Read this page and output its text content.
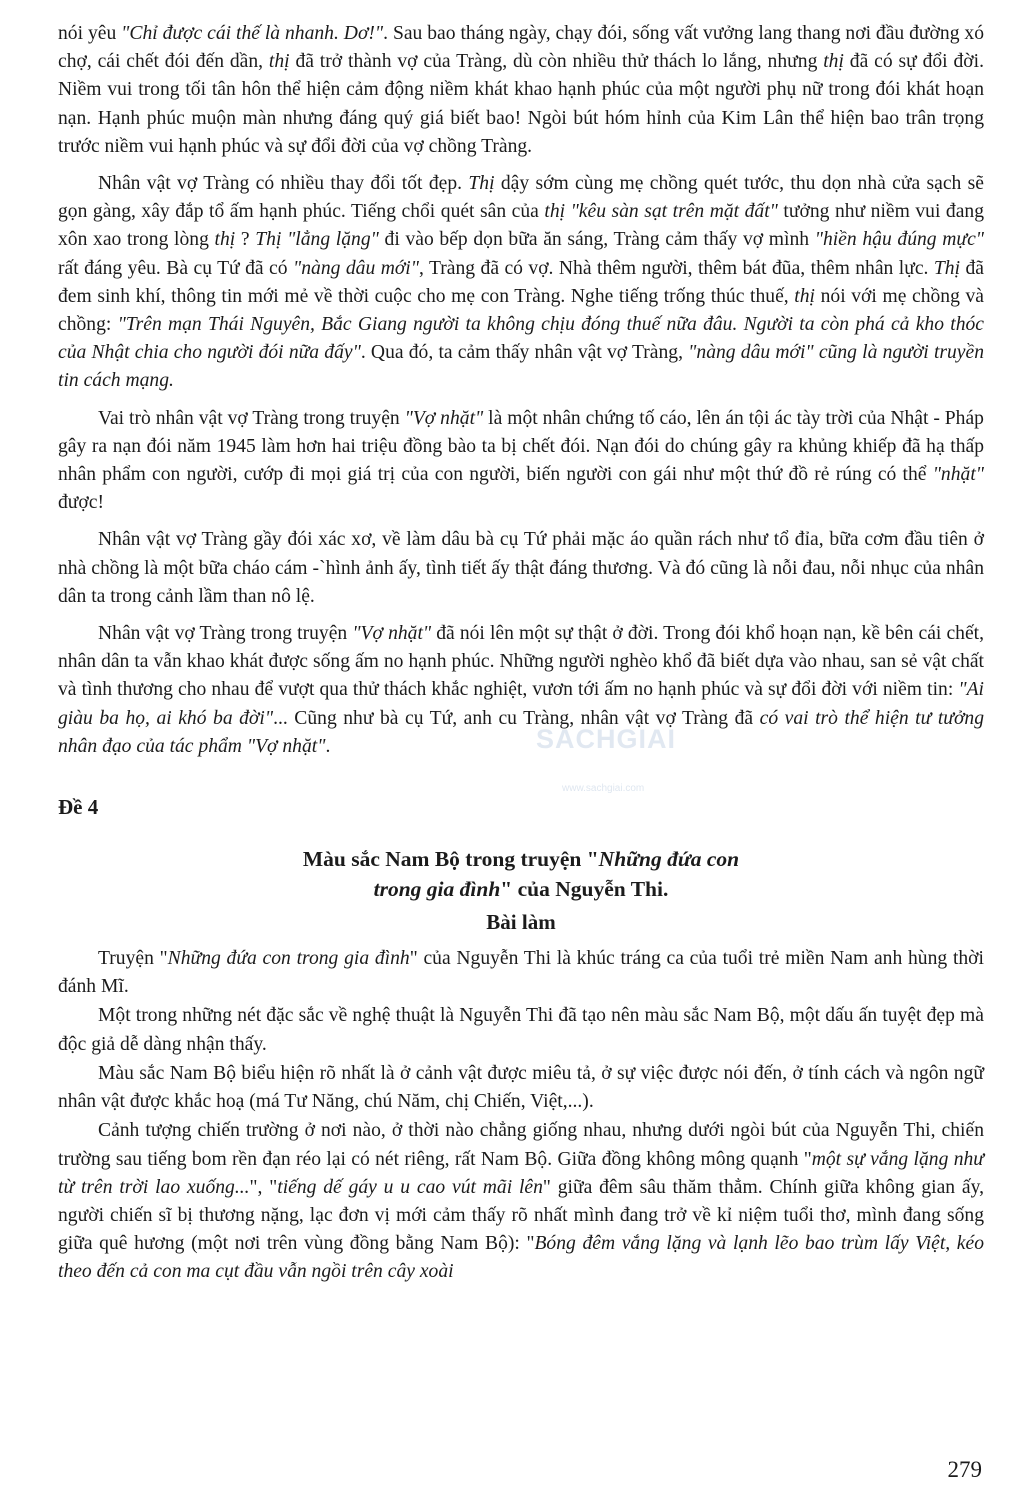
nói yêu "Chỉ được cái thế là nhanh. Dơ!". Sau bao tháng ngày, chạy đói, sống vất vưởng lang thang nơi đầu đường xó chợ, cái chết đói đến dần, thị đã trở thành vợ của Tràng, dù còn nhiều thử thách lo lắng, nhưng thị đã có sự đổi đời. Niềm vui trong tối tân hôn thể hiện cảm động niềm khát khao hạnh phúc của một người phụ nữ trong đói khát hoạn nạn. Hạnh phúc muộn màn nhưng đáng quý giá biết bao! Ngòi bút hóm hỉnh của Kim Lân thể hiện bao trân trọng trước niềm vui hạnh phúc và sự đổi đời của vợ chồng Tràng.

Nhân vật vợ Tràng có nhiều thay đổi tốt đẹp. Thị dậy sớm cùng mẹ chồng quét tước, thu dọn nhà cửa sạch sẽ gọn gàng, xây đắp tổ ấm hạnh phúc. Tiếng chổi quét sân của thị "kêu sàn sạt trên mặt đất" tưởng như niềm vui đang xôn xao trong lòng thị ? Thị "lẳng lặng" đi vào bếp dọn bữa ăn sáng, Tràng cảm thấy vợ mình "hiền hậu đúng mực" rất đáng yêu. Bà cụ Tứ đã có "nàng dâu mới", Tràng đã có vợ. Nhà thêm người, thêm bát đũa, thêm nhân lực. Thị đã đem sinh khí, thông tin mới mẻ về thời cuộc cho mẹ con Tràng. Nghe tiếng trống thúc thuế, thị nói với mẹ chồng và chồng: "Trên mạn Thái Nguyên, Bắc Giang người ta không chịu đóng thuế nữa đâu. Người ta còn phá cả kho thóc của Nhật chia cho người đói nữa đấy". Qua đó, ta cảm thấy nhân vật vợ Tràng, "nàng dâu mới" cũng là người truyền tin cách mạng.

Vai trò nhân vật vợ Tràng trong truyện "Vợ nhặt" là một nhân chứng tố cáo, lên án tội ác tày trời của Nhật - Pháp gây ra nạn đói năm 1945 làm hơn hai triệu đồng bào ta bị chết đói. Nạn đói do chúng gây ra khủng khiếp đã hạ thấp nhân phẩm con người, cướp đi mọi giá trị của con người, biến người con gái như một thứ đồ rẻ rúng có thể "nhặt" được!

Nhân vật vợ Tràng gầy đói xác xơ, về làm dâu bà cụ Tứ phải mặc áo quần rách như tổ đỉa, bữa cơm đầu tiên ở nhà chồng là một bữa cháo cám -`hình ảnh ấy, tình tiết ấy thật đáng thương. Và đó cũng là nỗi đau, nỗi nhục của nhân dân ta trong cảnh lầm than nô lệ.

Nhân vật vợ Tràng trong truyện "Vợ nhặt" đã nói lên một sự thật ở đời. Trong đói khổ hoạn nạn, kề bên cái chết, nhân dân ta vẫn khao khát được sống ấm no hạnh phúc. Những người nghèo khổ đã biết dựa vào nhau, san sẻ vật chất và tình thương cho nhau để vượt qua thử thách khắc nghiệt, vươn tới ấm no hạnh phúc và sự đổi đời với niềm tin: "Ai giàu ba họ, ai khó ba đời"... Cũng như bà cụ Tứ, anh cu Tràng, nhân vật vợ Tràng đã có vai trò thể hiện tư tưởng nhân đạo của tác phẩm "Vợ nhặt".

Đề 4
Màu sắc Nam Bộ trong truyện "Những đứa con
trong gia đình" của Nguyễn Thi.
Bài làm

Truyện "Những đứa con trong gia đình" của Nguyễn Thi là khúc tráng ca của tuổi trẻ miền Nam anh hùng thời đánh Mĩ.

Một trong những nét đặc sắc về nghệ thuật là Nguyễn Thi đã tạo nên màu sắc Nam Bộ, một dấu ấn tuyệt đẹp mà độc giả dễ dàng nhận thấy.

Màu sắc Nam Bộ biểu hiện rõ nhất là ở cảnh vật được miêu tả, ở sự việc được nói đến, ở tính cách và ngôn ngữ nhân vật được khắc hoạ (má Tư Năng, chú Năm, chị Chiến, Việt,...).

Cảnh tượng chiến trường ở nơi nào, ở thời nào chẳng giống nhau, nhưng dưới ngòi bút của Nguyễn Thi, chiến trường sau tiếng bom rền đạn réo lại có nét riêng, rất Nam Bộ. Giữa đồng không mông quạnh "một sự vắng lặng như từ trên trời lao xuống...", "tiếng dế gáy u u cao vút mãi lên" giữa đêm sâu thăm thẳm. Chính giữa không gian ấy, người chiến sĩ bị thương nặng, lạc đơn vị mới cảm thấy rõ nhất mình đang trở về kỉ niệm tuổi thơ, mình đang sống giữa quê hương (một nơi trên vùng đồng bằng Nam Bộ): "Bóng đêm vắng lặng và lạnh lẽo bao trùm lấy Việt, kéo theo đến cả con ma cụt đầu vẫn ngồi trên cây xoài

SACHGIAI
www.sachgiai.com
279
